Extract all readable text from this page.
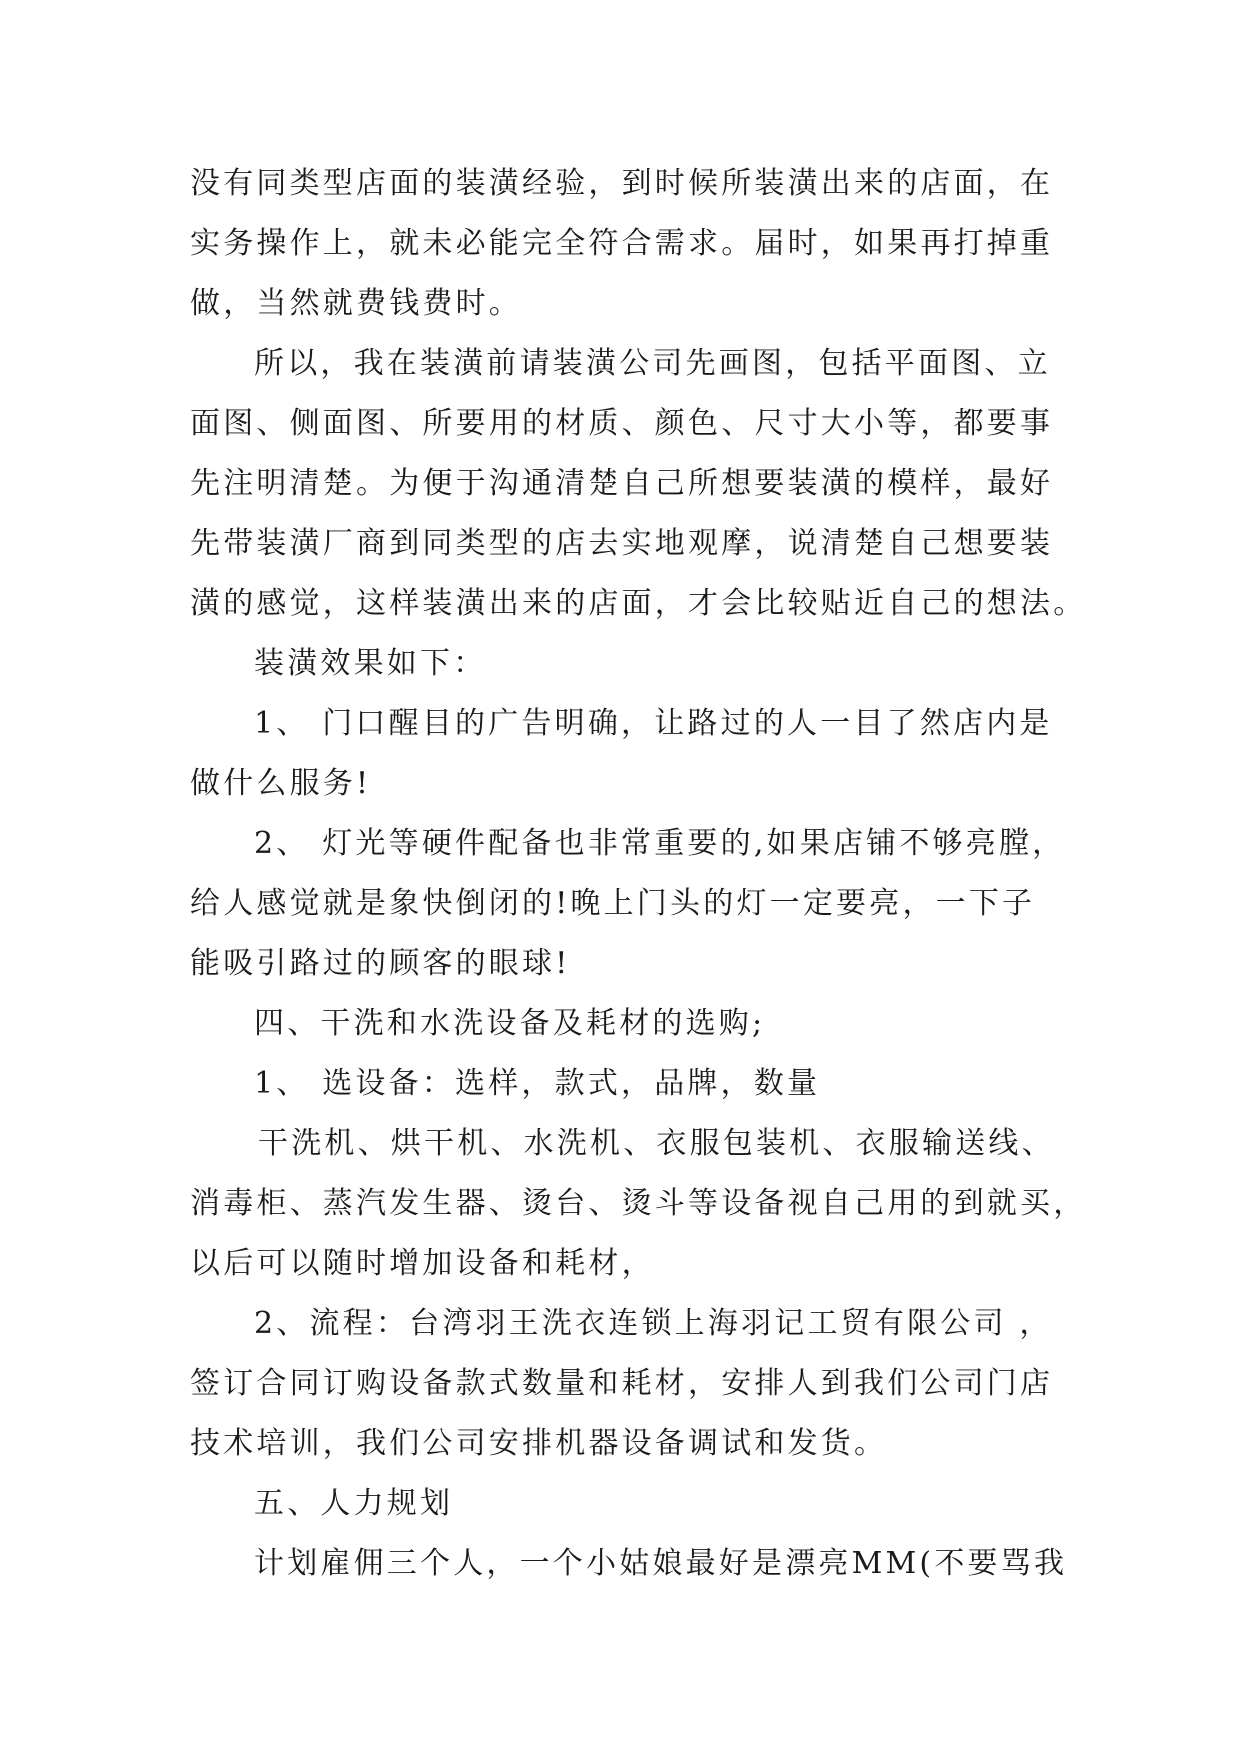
没有同类型店面的装潢经验，到时候所装潢出来的店面，在
实务操作上，就未必能完全符合需求。届时，如果再打掉重
做，当然就费钱费时。
所以，我在装潢前请装潢公司先画图，包括平面图、立
面图、侧面图、所要用的材质、颜色、尺寸大小等，都要事
先注明清楚。为便于沟通清楚自己所想要装潢的模样，最好
先带装潢厂商到同类型的店去实地观摩，说清楚自己想要装
潢的感觉，这样装潢出来的店面，才会比较贴近自己的想法。
装潢效果如下：
1、 门口醒目的广告明确，让路过的人一目了然店内是
做什么服务!
2、 灯光等硬件配备也非常重要的,如果店铺不够亮膛，
给人感觉就是象快倒闭的!晚上门头的灯一定要亮，一下子
能吸引路过的顾客的眼球!
四、干洗和水洗设备及耗材的选购;
1、 选设备：选样，款式，品牌，数量
干洗机、烘干机、水洗机、衣服包装机、衣服输送线、
消毒柜、蒸汽发生器、烫台、烫斗等设备视自己用的到就买，
以后可以随时增加设备和耗材，
2、流程：台湾羽王洗衣连锁上海羽记工贸有限公司 ，
签订合同订购设备款式数量和耗材，安排人到我们公司门店
技术培训，我们公司安排机器设备调试和发货。
五、人力规划
计划雇佣三个人，一个小姑娘最好是漂亮MM(不要骂我
